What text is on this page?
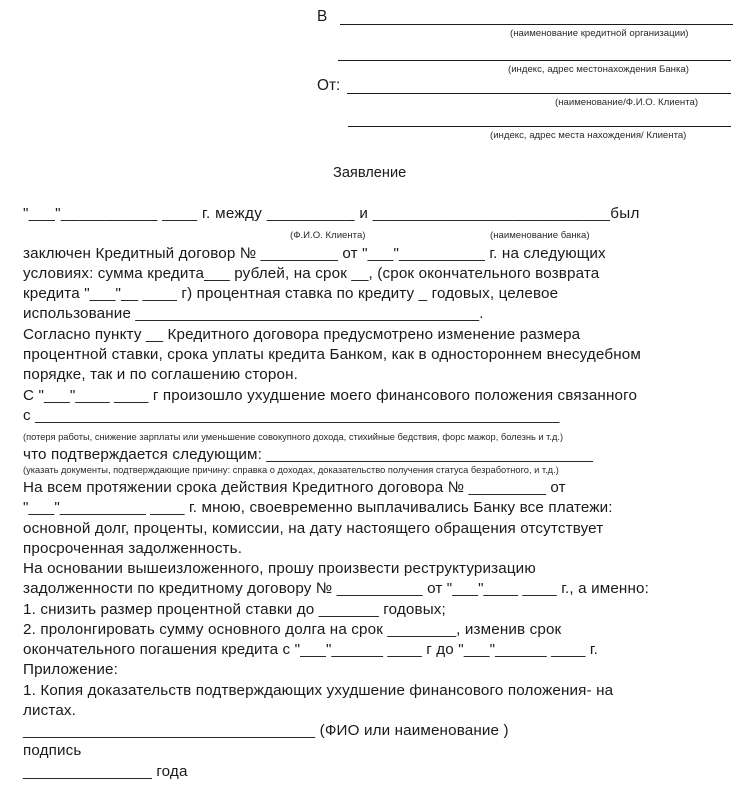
В
(наименование кредитной организации)
(индекс, адрес местонахождения Банка)
От:
(наименование/Ф.И.О. Клиента)
(индекс, адрес места нахождения/ Клиента)
Заявление
"___"___________ ____ г. между __________ и ___________________________был
(Ф.И.О. Клиента)	(наименование банка)
заключен Кредитный договор № _________ от "___"__________ г. на следующих
условиях: сумма кредита___ рублей, на срок __, (срок окончательного возврата
кредита "___"__ ____ г) процентная ставка по кредиту _ годовых, целевое
использование ________________________________________.
Согласно пункту __ Кредитного договора предусмотрено изменение размера
процентной ставки, срока уплаты кредита Банком, как в одностороннем внесудебном
порядке, так и по соглашению сторон.
С "___"____ ____ г произошло ухудшение моего финансового положения связанного
с _____________________________________________________________
(потеря работы, снижение зарплаты или уменьшение совокупного дохода, стихийные бедствия, форс мажор, болезнь и т.д.)
что подтверждается следующим: ______________________________________
(указать документы, подтверждающие причину: справка о доходах, доказательство получения статуса безработного, и т.д.)
На всем протяжении срока действия Кредитного договора № _________ от
"___"__________ ____ г. мною, своевременно выплачивались Банку все платежи:
основной долг, проценты, комиссии, на дату настоящего обращения отсутствует
просроченная задолженность.
На основании вышеизложенного, прошу произвести реструктуризацию
задолженности по кредитному договору № __________ от "___"____ ____ г., а именно:
1. снизить размер процентной ставки до _______ годовых;
2. пролонгировать сумму основного долга на срок ________, изменив срок
окончательного погашения кредита с "___"______ ____ г до "___"______ ____ г.
Приложение:
1. Копия доказательств подтверждающих ухудшение финансового положения- на
листах.
__________________________________ (ФИО или наименование )
подпись
_______________ года
